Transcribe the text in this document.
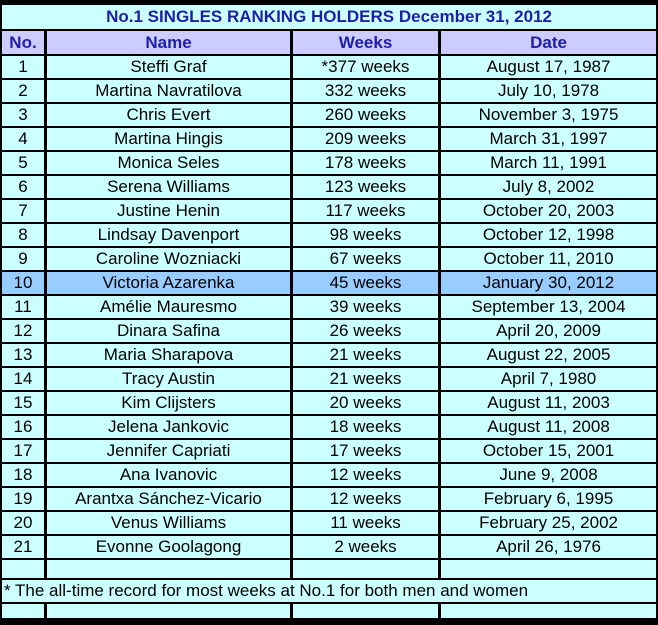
No.1 SINGLES RANKING HOLDERS December 31, 2012			
No.	Name	Weeks	Date
1	Steffi Graf	*377 weeks	August 17, 1987
2	Martina Navratilova	332 weeks	July 10, 1978
3	Chris Evert	260 weeks	November 3, 1975
4	Martina Hingis	209 weeks	March 31, 1997
5	Monica Seles	178 weeks	March 11, 1991
6	Serena Williams	123 weeks	July 8, 2002
7	Justine Henin	117 weeks	October 20, 2003
8	Lindsay Davenport	98 weeks	October 12, 1998
9	Caroline Wozniacki	67 weeks	October 11, 2010
10	Victoria Azarenka	45 weeks	January 30, 2012
11	Amélie Mauresmo	39 weeks	September 13, 2004
12	Dinara Safina	26 weeks	April 20, 2009
13	Maria Sharapova	21 weeks	August 22, 2005
14	Tracy Austin	21 weeks	April 7, 1980
15	Kim Clijsters	20 weeks	August 11, 2003
16	Jelena Jankovic	18 weeks	August 11, 2008
17	Jennifer Capriati	17 weeks	October 15, 2001
18	Ana Ivanovic	12 weeks	June 9, 2008
19	Arantxa Sánchez-Vicario	12 weeks	February 6, 1995
20	Venus Williams	11 weeks	February 25, 2002
21	Evonne Goolagong	2 weeks	April 26, 1976

* The all-time record for most weeks at No.1 for both men and women			
